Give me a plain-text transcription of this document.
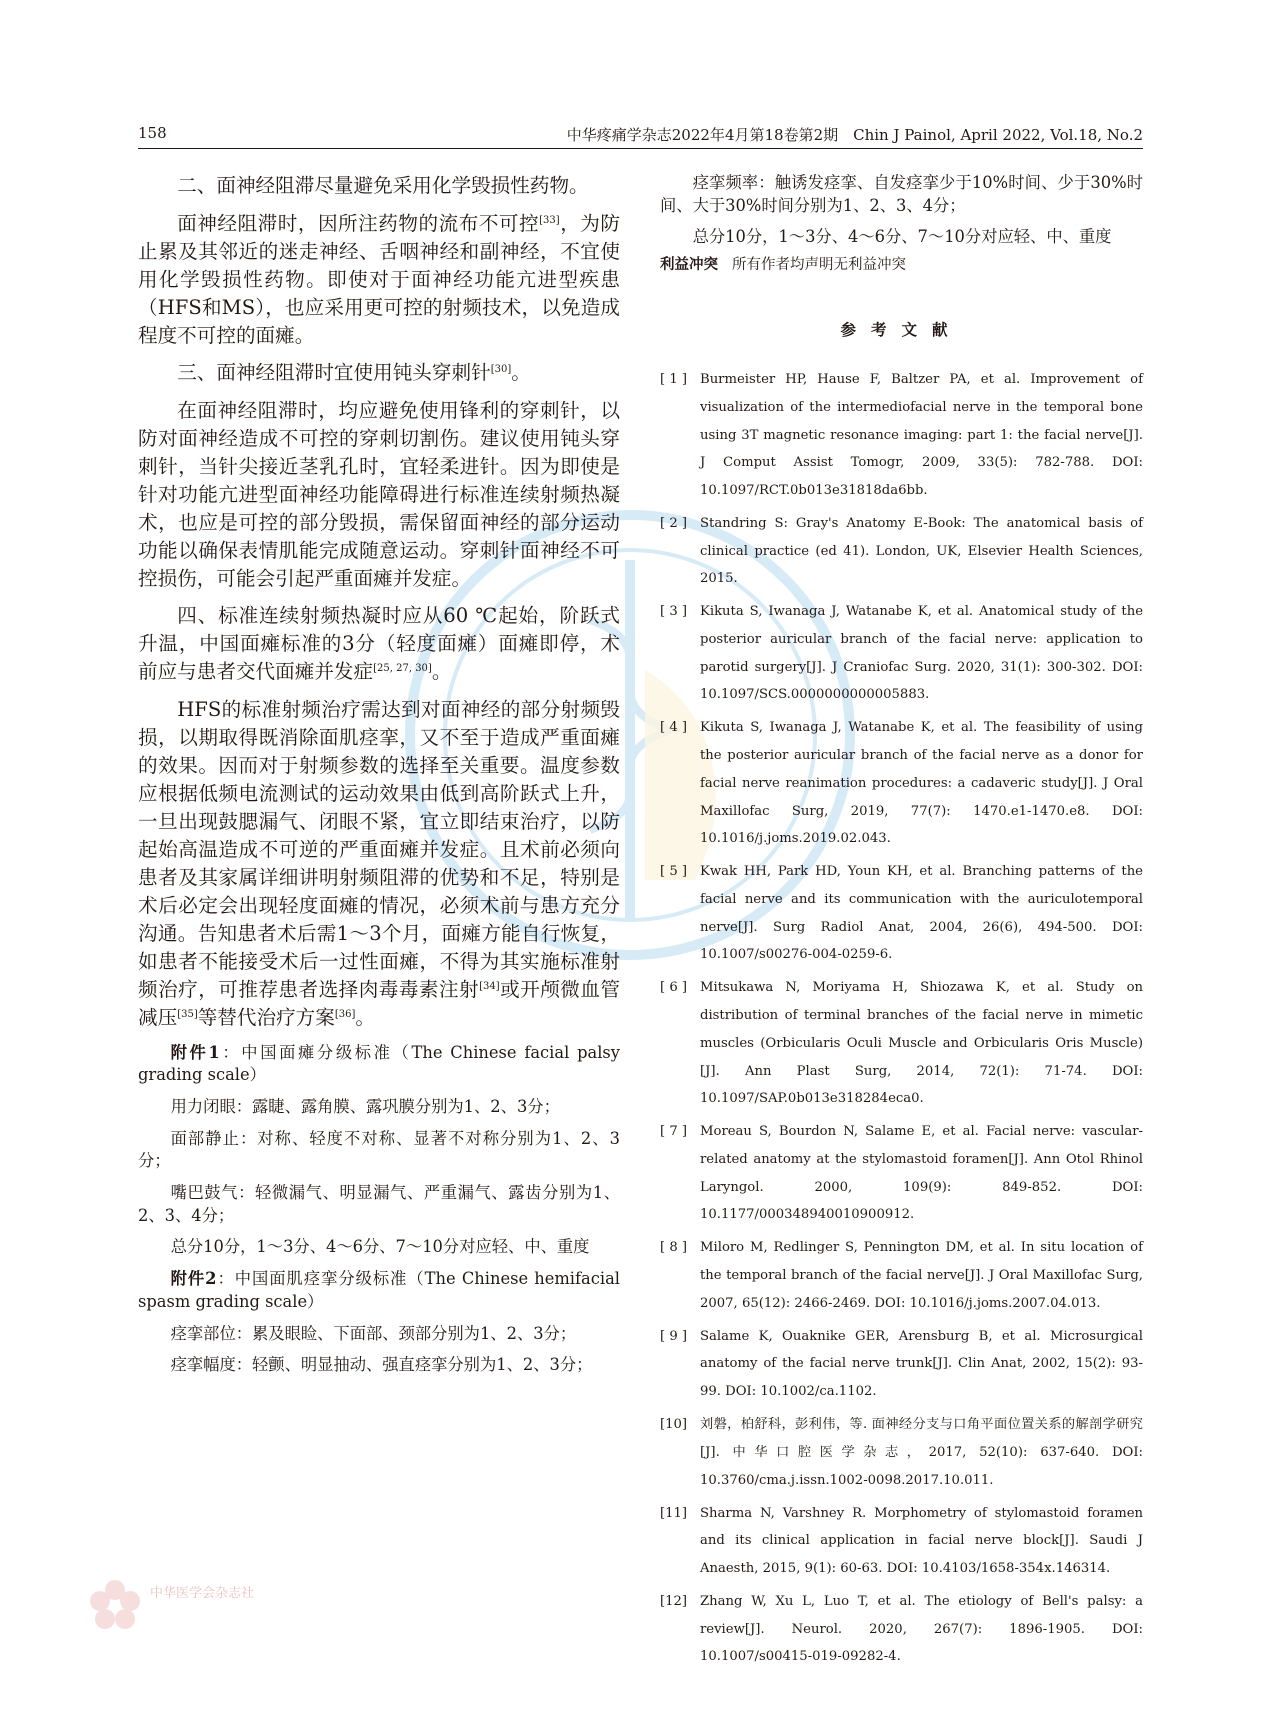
158	中华疼痛学杂志2022年4月第18卷第2期　Chin J Painol, April 2022, Vol.18, No.2

二、面神经阻滞尽量避免采用化学毁损性药物。

面神经阻滞时，因所注药物的流布不可控[33]，为防止累及其邻近的迷走神经、舌咽神经和副神经，不宜使用化学毁损性药物。即使对于面神经功能亢进型疾患（HFS和MS），也应采用更可控的射频技术，以免造成程度不可控的面瘫。

三、面神经阻滞时宜使用钝头穿刺针[30]。

在面神经阻滞时，均应避免使用锋利的穿刺针，以防对面神经造成不可控的穿刺切割伤。建议使用钝头穿刺针，当针尖接近茎乳孔时，宜轻柔进针。因为即使是针对功能亢进型面神经功能障碍进行标准连续射频热凝术，也应是可控的部分毁损，需保留面神经的部分运动功能以确保表情肌能完成随意运动。穿刺针面神经不可控损伤，可能会引起严重面瘫并发症。

四、标准连续射频热凝时应从60 ℃起始，阶跃式升温，中国面瘫标准的3分（轻度面瘫）面瘫即停，术前应与患者交代面瘫并发症[25, 27, 30]。

HFS的标准射频治疗需达到对面神经的部分射频毁损，以期取得既消除面肌痉挛，又不至于造成严重面瘫的效果。因而对于射频参数的选择至关重要。温度参数应根据低频电流测试的运动效果由低到高阶跃式上升，一旦出现鼓腮漏气、闭眼不紧，宜立即结束治疗，以防起始高温造成不可逆的严重面瘫并发症。且术前必须向患者及其家属详细讲明射频阻滞的优势和不足，特别是术后必定会出现轻度面瘫的情况，必须术前与患方充分沟通。告知患者术后需1～3个月，面瘫方能自行恢复，如患者不能接受术后一过性面瘫，不得为其实施标准射频治疗，可推荐患者选择肉毒毒素注射[34]或开颅微血管减压[35]等替代治疗方案[36]。

附件1：中国面瘫分级标准（The Chinese facial palsy grading scale）

用力闭眼：露睫、露角膜、露巩膜分别为1、2、3分；

面部静止：对称、轻度不对称、显著不对称分别为1、2、3分；

嘴巴鼓气：轻微漏气、明显漏气、严重漏气、露齿分别为1、2、3、4分；

总分10分，1～3分、4～6分、7～10分对应轻、中、重度

附件2：中国面肌痉挛分级标准（The Chinese hemifacial spasm grading scale）

痉挛部位：累及眼睑、下面部、颈部分别为1、2、3分；

痉挛幅度：轻颤、明显抽动、强直痉挛分别为1、2、3分；

痉挛频率：触诱发痉挛、自发痉挛少于10%时间、少于30%时间、大于30%时间分别为1、2、3、4分；

总分10分，1～3分、4～6分、7～10分对应轻、中、重度

利益冲突 所有作者均声明无利益冲突
参考文献
[ 1 ] Burmeister HP, Hause F, Baltzer PA, et al. Improvement of visualization of the intermediofacial nerve in the temporal bone using 3T magnetic resonance imaging: part 1: the facial nerve[J]. J Comput Assist Tomogr, 2009, 33(5): 782-788. DOI: 10.1097/RCT.0b013e31818da6bb.
[ 2 ] Standring S: Gray's Anatomy E-Book: The anatomical basis of clinical practice (ed 41). London, UK, Elsevier Health Sciences, 2015.
[ 3 ] Kikuta S, Iwanaga J, Watanabe K, et al. Anatomical study of the posterior auricular branch of the facial nerve: application to parotid surgery[J]. J Craniofac Surg. 2020, 31(1): 300-302. DOI: 10.1097/SCS.0000000000005883.
[ 4 ] Kikuta S, Iwanaga J, Watanabe K, et al. The feasibility of using the posterior auricular branch of the facial nerve as a donor for facial nerve reanimation procedures: a cadaveric study[J]. J Oral Maxillofac Surg, 2019, 77(7): 1470.e1-1470.e8. DOI: 10.1016/j.joms.2019.02.043.
[ 5 ] Kwak HH, Park HD, Youn KH, et al. Branching patterns of the facial nerve and its communication with the auriculotemporal nerve[J]. Surg Radiol Anat, 2004, 26(6), 494-500. DOI: 10.1007/s00276-004-0259-6.
[ 6 ] Mitsukawa N, Moriyama H, Shiozawa K, et al. Study on distribution of terminal branches of the facial nerve in mimetic muscles (Orbicularis Oculi Muscle and Orbicularis Oris Muscle)[J]. Ann Plast Surg, 2014, 72(1): 71-74. DOI: 10.1097/SAP.0b013e318284eca0.
[ 7 ] Moreau S, Bourdon N, Salame E, et al. Facial nerve: vascular-related anatomy at the stylomastoid foramen[J]. Ann Otol Rhinol Laryngol. 2000, 109(9): 849-852. DOI: 10.1177/000348940010900912.
[ 8 ] Miloro M, Redlinger S, Pennington DM, et al. In situ location of the temporal branch of the facial nerve[J]. J Oral Maxillofac Surg, 2007, 65(12): 2466-2469. DOI: 10.1016/j.joms.2007.04.013.
[ 9 ] Salame K, Ouaknike GER, Arensburg B, et al. Microsurgical anatomy of the facial nerve trunk[J]. Clin Anat, 2002, 15(2): 93-99. DOI: 10.1002/ca.1102.
[10] 刘磐，柏舒科，彭利伟，等. 面神经分支与口角平面位置关系的解剖学研究[J]. 中华口腔医学杂志，2017, 52(10): 637-640. DOI: 10.3760/cma.j.issn.1002-0098.2017.10.011.
[11] Sharma N, Varshney R. Morphometry of stylomastoid foramen and its clinical application in facial nerve block[J]. Saudi J Anaesth, 2015, 9(1): 60-63. DOI: 10.4103/1658-354x.146314.
[12] Zhang W, Xu L, Luo T, et al. The etiology of Bell's palsy: a review[J]. Neurol. 2020, 267(7): 1896-1905. DOI: 10.1007/s00415-019-09282-4.
中华医学会杂志社
